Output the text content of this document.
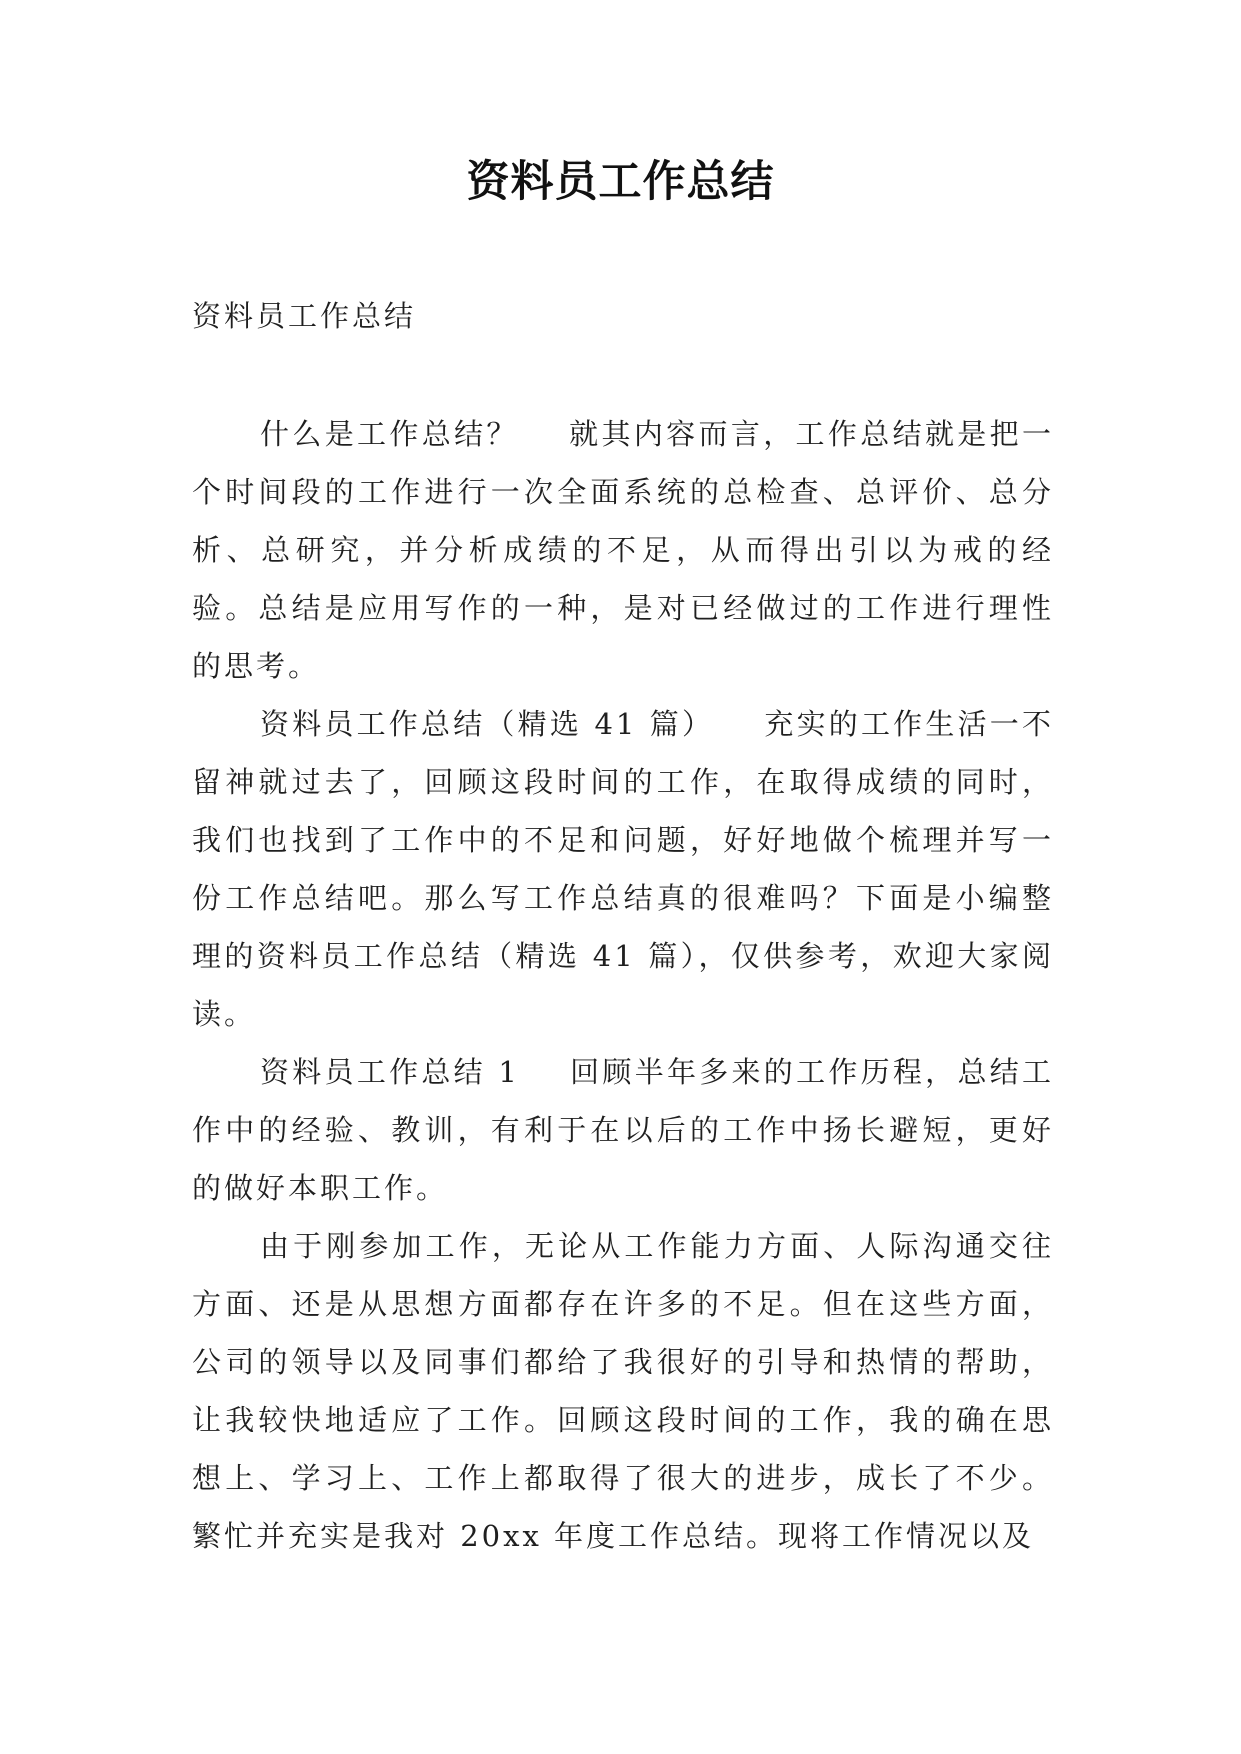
资料员工作总结

资料员工作总结

什么是工作总结？ 就其内容而言，工作总结就是把一个时间段的工作进行一次全面系统的总检查、总评价、总分析、总研究，并分析成绩的不足，从而得出引以为戒的经验。总结是应用写作的一种，是对已经做过的工作进行理性的思考。

资料员工作总结（精选 41 篇） 充实的工作生活一不留神就过去了，回顾这段时间的工作，在取得成绩的同时，我们也找到了工作中的不足和问题，好好地做个梳理并写一份工作总结吧。那么写工作总结真的很难吗？下面是小编整理的资料员工作总结（精选 41 篇），仅供参考，欢迎大家阅读。

资料员工作总结 1 回顾半年多来的工作历程，总结工作中的经验、教训，有利于在以后的工作中扬长避短，更好的做好本职工作。

由于刚参加工作，无论从工作能力方面、人际沟通交往方面、还是从思想方面都存在许多的不足。但在这些方面，公司的领导以及同事们都给了我很好的引导和热情的帮助，让我较快地适应了工作。回顾这段时间的工作，我的确在思想上、学习上、工作上都取得了很大的进步，成长了不少。繁忙并充实是我对 20xx 年度工作总结。现将工作情况以及
